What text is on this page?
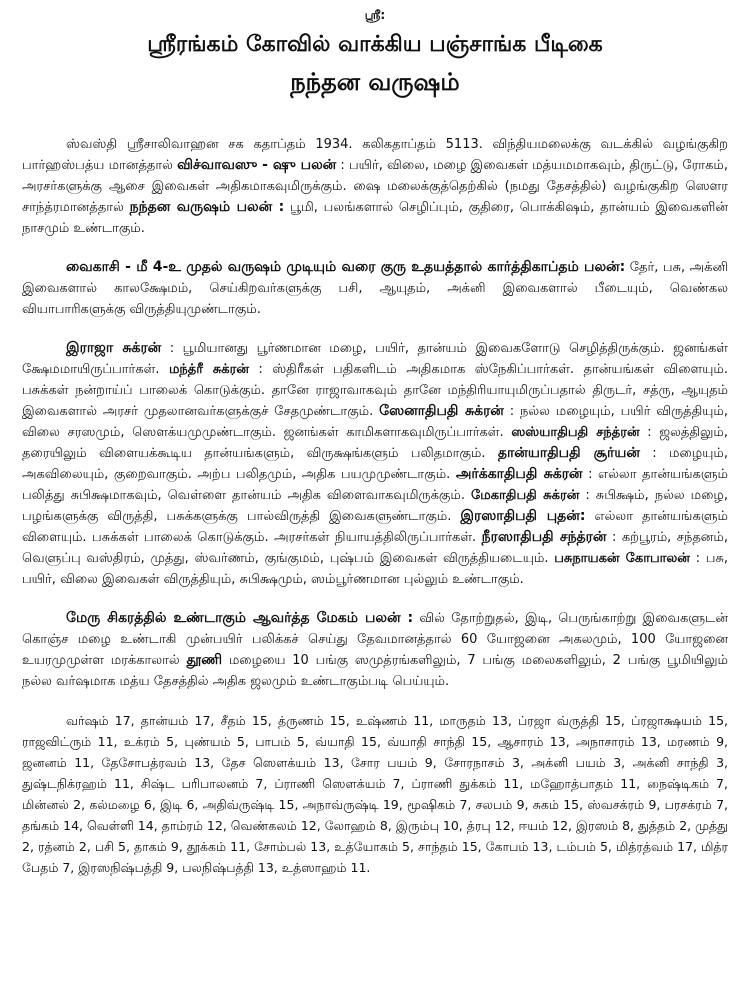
ஸ்ரீ:
ஸ்ரீரங்கம் கோவில் வாக்கிய பஞ்சாங்க பீடிகை
நந்தன வருஷம்

ஸ்வஸ்தி ஸ்ரீசாலிவாஹன சக கதாப்தம் 1934. கலிகதாப்தம் 5113. விந்தியமலைக்கு வடக்கில் வழங்குகிற பார்ஹஸ்பத்ய மானத்தால் விச்வாவஸு - ஷு பலன் : பயிர், விலை, மழை இவைகள் மத்யமமாகவும், திருட்டு, ரோகம், அரசர்களுக்கு ஆசை இவைகள் அதிகமாகவுமிருக்கும். ஷை மலைக்குத்தெற்கில் (நமது தேசத்தில்) வழங்குகிற ஸௌர சாந்த்ரமானத்தால் நந்தன வருஷம் பலன் : பூமி, பலங்களால் செழிப்பும், குதிரை, பொக்கிஷம், தான்யம் இவைகளின் நாசமும் உண்டாகும்.

வைகாசி - மீ 4-உ முதல் வருஷம் முடியும் வரை குரு உதயத்தால் கார்த்திகாப்தம் பலன்: தேர், பசு, அக்னி இவைகளால் காலக்ஷேமம், செய்கிறவர்களுக்கு பசி, ஆயுதம், அக்னி இவைகளால் பீடையும், வெண்கல வியாபாரிகளுக்கு விருத்தியுமுண்டாகும்.

இராஜா சுக்ரன் : பூமியானது பூர்ணமான மழை, பயிர், தான்யம் இவைகளோடு செழித்திருக்கும். ஜனங்கள் க்ஷேமமாயிருப்பார்கள். மந்த்ரீ சுக்ரன் : ஸ்திரீகள் பதிகளிடம் அதிகமாக ஸ்நேகிப்பார்கள். தான்யங்கள் விளையும். பசுக்கள் நன்றாய்ப் பாலைக் கொடுக்கும். தானே ராஜாவாகவும் தானே மந்திரியாயுமிருப்பதால் திருடர், சத்ரு, ஆயுதம் இவைகளால் அரசர் முதலானவர்களுக்குச் சேதமுண்டாகும். ஸேனாதிபதி சுக்ரன் : நல்ல மழையும், பயிர் விருத்தியும், விலை சரஸமும், ஸௌக்யமுமுண்டாகும். ஜனங்கள் காமிகளாகவுமிருப்பார்கள். ஸஸ்யாதிபதி சந்த்ரன் : ஜலத்திலும், தரையிலும் விளையக்கூடிய தான்யங்களும், விருக்ஷங்களும் பலிதமாகும். தான்யாதிபதி சூர்யன் : மழையும், அகவிலையும், குறைவாகும். அற்ப பலிதமும், அதிக பயமுமுண்டாகும். அர்க்காதிபதி சுக்ரன் : எல்லா தான்யங்களும் பலித்து சுபிக்ஷமாகவும், வெள்ளை தான்யம் அதிக விளைவாகவுமிருக்கும். மேகாதிபதி சுக்ரன் : சுபிக்ஷம், நல்ல மழை, பழங்களுக்கு விருத்தி, பசுக்களுக்கு பால்விருத்தி இவைகளுண்டாகும். இரஸாதிபதி புதன்: எல்லா தான்யங்களும் விளையும். பசுக்கள் பாலைக் கொடுக்கும். அரசர்கள் நியாயத்திலிருப்பார்கள். நீரஸாதிபதி சந்த்ரன் : கற்பூரம், சந்தனம், வெளுப்பு வஸ்திரம், முத்து, ஸ்வர்ணம், குங்குமம், புஷ்பம் இவைகள் விருத்தியடையும். பசுநாயகன் கோபாலன் : பசு, பயிர், விலை இவைகள் விருத்தியும், சுபிக்ஷமும், ஸம்பூர்ணமான புல்லும் உண்டாகும்.

மேரு சிகரத்தில் உண்டாகும் ஆவர்த்த மேகம் பலன் : வில் தோற்றுதல், இடி, பெருங்காற்று இவைகளுடன் கொஞ்ச மழை உண்டாகி முன்பயிர் பலிக்கச் செய்து தேவமானத்தால் 60 யோஜனை அகலமும், 100 யோஜனை உயரமுமுள்ள மரக்காலால் தூணி மழையை 10 பங்கு ஸமுத்ரங்களிலும், 7 பங்கு மலைகளிலும், 2 பங்கு பூமியிலும் நல்ல வர்ஷமாக மத்ய தேசத்தில் அதிக ஜலமும் உண்டாகும்படி பெய்யும்.

வர்ஷம் 17, தான்யம் 17, சீதம் 15, த்ருணம் 15, உஷ்ணம் 11, மாருதம் 13, ப்ரஜா வ்ருத்தி 15, ப்ரஜாக்ஷயம் 15, ராஜவிட்ரும் 11, உக்ரம் 5, புண்யம் 5, பாபம் 5, வ்யாதி 15, வ்யாதி சாந்தி 15, ஆசாரம் 13, அநாசாரம் 13, மரணம் 9, ஜனனம் 11, தேசோபத்ரவம் 13, தேச ஸௌக்யம் 13, சோர பயம் 9, சோரநாசம் 3, அக்னி பயம் 3, அக்னி சாந்தி 3, துஷ்டநிக்ரஹம் 11, சிஷ்ட பரிபாலனம் 7, ப்ராணி ஸௌக்யம் 7, ப்ராணி துக்கம் 11, மஹோத்பாதம் 11, நைஷ்டிகம் 7, மின்னல் 2, கல்மழை 6, இடி 6, அதிவ்ருஷ்டி 15, அநாவ்ருஷ்டி 19, மூஷிகம் 7, சலபம் 9, சுகம் 15, ஸ்வசக்ரம் 9, பரசக்ரம் 7, தங்கம் 14, வெள்ளி 14, தாம்ரம் 12, வெண்கலம் 12, லோஹம் 8, இரும்பு 10, த்ரபு 12, ஈயம் 12, இரஸம் 8, துத்தம் 2, முத்து 2, ரத்னம் 2, பசி 5, தாகம் 9, தூக்கம் 11, சோம்பல் 13, உத்யோகம் 5, சாந்தம் 15, கோபம் 13, டம்பம் 5, மித்ரத்வம் 17, மித்ர பேதம் 7, இரஸநிஷ்பத்தி 9, பலநிஷ்பத்தி 13, உத்ஸாஹம் 11.
